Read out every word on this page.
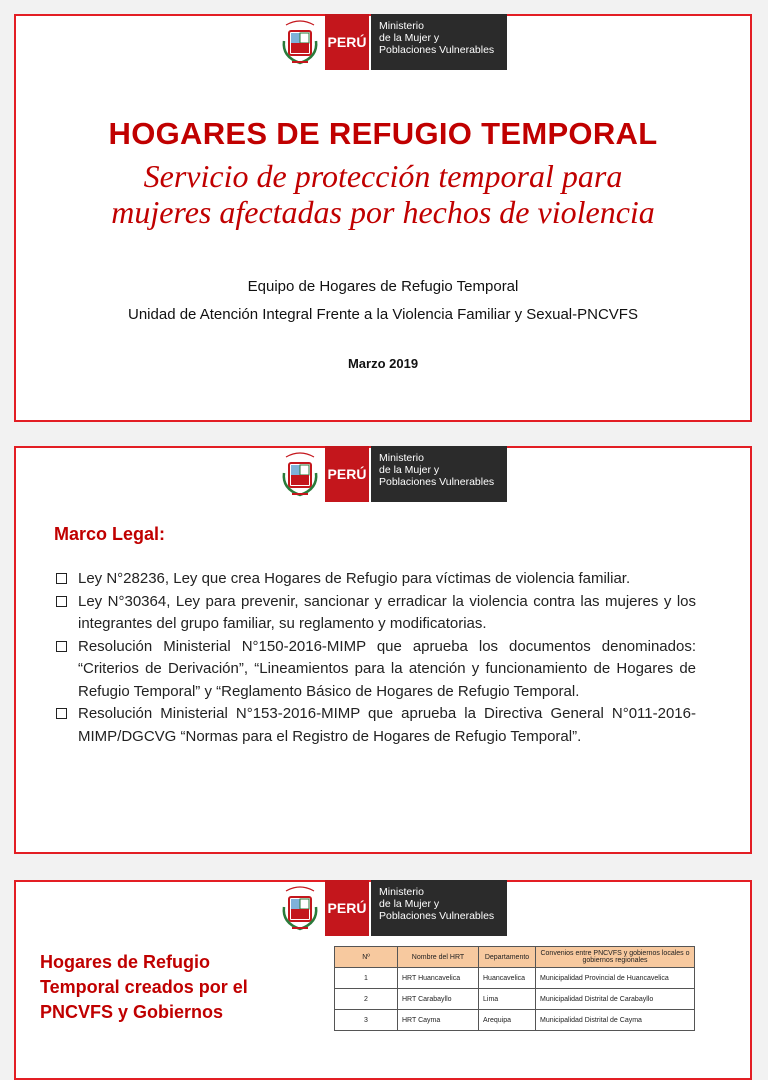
PERÚ
Ministerio
de la Mujer y
Poblaciones Vulnerables
HOGARES DE REFUGIO TEMPORAL
Servicio de protección temporal para
mujeres afectadas por hechos de violencia
Equipo de Hogares de Refugio Temporal
Unidad de Atención Integral Frente a la Violencia Familiar y Sexual-PNCVFS
Marzo 2019
PERÚ
Ministerio
de la Mujer y
Poblaciones Vulnerables
Marco Legal:
Ley N°28236, Ley que crea Hogares de Refugio para víctimas de violencia familiar.
Ley N°30364, Ley para prevenir, sancionar y erradicar la violencia contra las mujeres y los integrantes del grupo familiar, su reglamento y modificatorias.
Resolución Ministerial N°150-2016-MIMP que aprueba los documentos denominados: “Criterios de Derivación”, “Lineamientos para la atención y funcionamiento de Hogares de Refugio Temporal” y “Reglamento Básico de Hogares de Refugio Temporal.
Resolución Ministerial N°153-2016-MIMP que aprueba la Directiva General N°011-2016-MIMP/DGCVG “Normas para el Registro de Hogares de Refugio Temporal”.
PERÚ
Ministerio
de la Mujer y
Poblaciones Vulnerables
Hogares de Refugio Temporal creados por el PNCVFS y Gobiernos
Nº	Nombre del HRT	Departamento	Convenios entre PNCVFS y gobiernos locales o gobiernos regionales
1	HRT Huancavelica	Huancavelica	Municipalidad Provincial de Huancavelica
2	HRT Carabayllo	Lima	Municipalidad Distrital de Carabayllo
3	HRT Cayma	Arequipa	Municipalidad Distrital de Cayma
